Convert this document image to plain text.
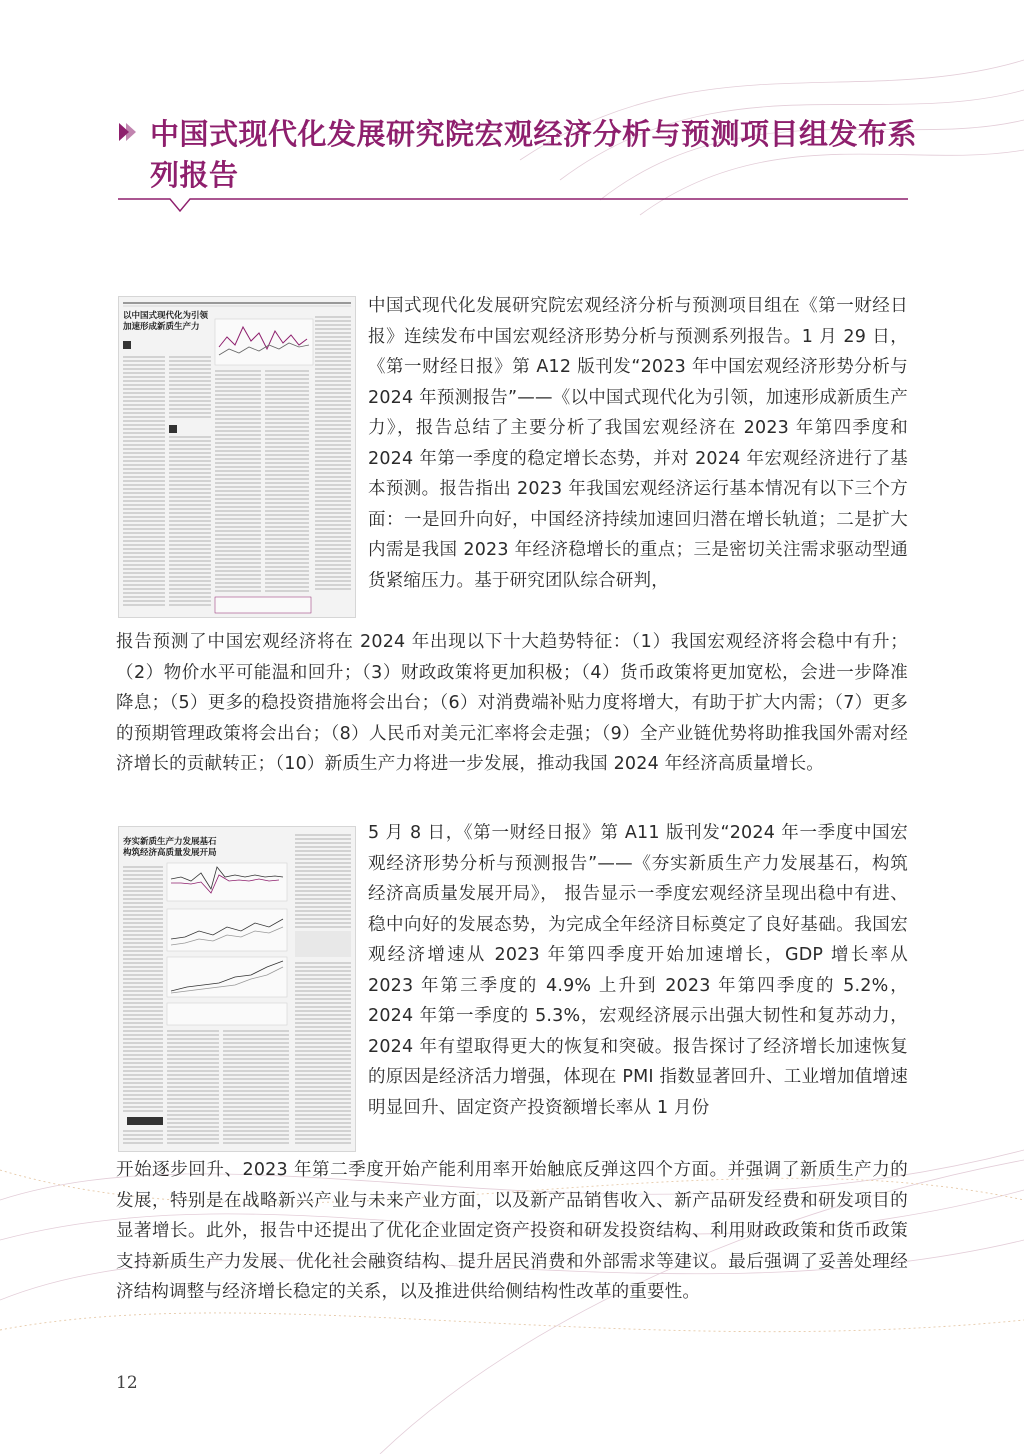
中国式现代化发展研究院宏观经济分析与预测项目组发布系列报告
以中国式现代化为引领
加速形成新质生产力

中国式现代化发展研究院宏观经济分析与预测项目组在《第一财经日报》连续发布中国宏观经济形势分析与预测系列报告。1 月 29 日，《第一财经日报》第 A12 版刊发“2023 年中国宏观经济形势分析与 2024 年预测报告”——《以中国式现代化为引领，加速形成新质生产力》，报告总结了主要分析了我国宏观经济在 2023 年第四季度和 2024 年第一季度的稳定增长态势，并对 2024 年宏观经济进行了基本预测。报告指出 2023 年我国宏观经济运行基本情况有以下三个方面：一是回升向好，中国经济持续加速回归潜在增长轨道；二是扩大内需是我国 2023 年经济稳增长的重点；三是密切关注需求驱动型通货紧缩压力。基于研究团队综合研判，

报告预测了中国宏观经济将在 2024 年出现以下十大趋势特征：（1）我国宏观经济将会稳中有升；（2）物价水平可能温和回升；（3）财政政策将更加积极；（4）货币政策将更加宽松，会进一步降准降息；（5）更多的稳投资措施将会出台；（6）对消费端补贴力度将增大，有助于扩大内需；（7）更多的预期管理政策将会出台；（8）人民币对美元汇率将会走强；（9）全产业链优势将助推我国外需对经济增长的贡献转正；（10）新质生产力将进一步发展，推动我国 2024 年经济高质量增长。

夯实新质生产力发展基石
构筑经济高质量发展开局

5 月 8 日，《第一财经日报》第 A11 版刊发“2024 年一季度中国宏观经济形势分析与预测报告”——《夯实新质生产力发展基石，构筑经济高质量发展开局》， 报告显示一季度宏观经济呈现出稳中有进、稳中向好的发展态势，为完成全年经济目标奠定了良好基础。我国宏观经济增速从 2023 年第四季度开始加速增长，GDP 增长率从 2023 年第三季度的 4.9% 上升到 2023 年第四季度的 5.2%，2024 年第一季度的 5.3%，宏观经济展示出强大韧性和复苏动力，2024 年有望取得更大的恢复和突破。报告探讨了经济增长加速恢复的原因是经济活力增强，体现在 PMI 指数显著回升、工业增加值增速明显回升、固定资产投资额增长率从 1 月份

开始逐步回升、2023 年第二季度开始产能利用率开始触底反弹这四个方面。并强调了新质生产力的发展，特别是在战略新兴产业与未来产业方面，以及新产品销售收入、新产品研发经费和研发项目的显著增长。此外，报告中还提出了优化企业固定资产投资和研发投资结构、利用财政政策和货币政策支持新质生产力发展、优化社会融资结构、提升居民消费和外部需求等建议。最后强调了妥善处理经济结构调整与经济增长稳定的关系，以及推进供给侧结构性改革的重要性。

12
